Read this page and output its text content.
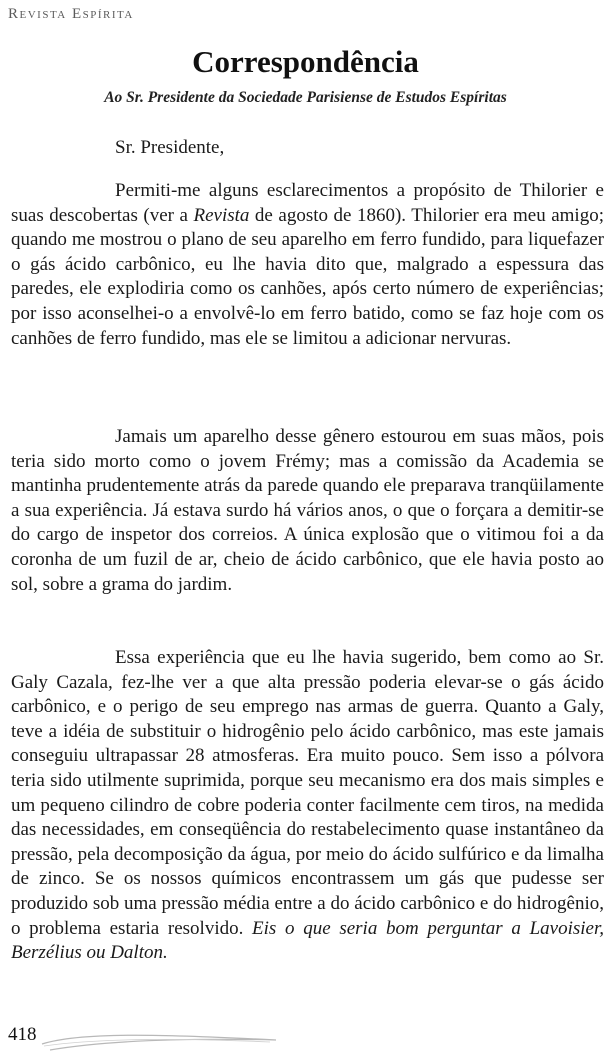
Revista Espírita
Correspondência
Ao Sr. Presidente da Sociedade Parisiense de Estudos Espíritas
Sr. Presidente,

Permiti-me alguns esclarecimentos a propósito de Thilorier e suas descobertas (ver a Revista de agosto de 1860). Thilorier era meu amigo; quando me mostrou o plano de seu aparelho em ferro fundido, para liquefazer o gás ácido carbônico, eu lhe havia dito que, malgrado a espessura das paredes, ele explodiria como os canhões, após certo número de experiências; por isso aconselhei-o a envolvê-lo em ferro batido, como se faz hoje com os canhões de ferro fundido, mas ele se limitou a adicionar nervuras.

Jamais um aparelho desse gênero estourou em suas mãos, pois teria sido morto como o jovem Frémy; mas a comissão da Academia se mantinha prudentemente atrás da parede quando ele preparava tranqüilamente a sua experiência. Já estava surdo há vários anos, o que o forçara a demitir-se do cargo de inspetor dos correios. A única explosão que o vitimou foi a da coronha de um fuzil de ar, cheio de ácido carbônico, que ele havia posto ao sol, sobre a grama do jardim.

Essa experiência que eu lhe havia sugerido, bem como ao Sr. Galy Cazala, fez-lhe ver a que alta pressão poderia elevar-se o gás ácido carbônico, e o perigo de seu emprego nas armas de guerra. Quanto a Galy, teve a idéia de substituir o hidrogênio pelo ácido carbônico, mas este jamais conseguiu ultrapassar 28 atmosferas. Era muito pouco. Sem isso a pólvora teria sido utilmente suprimida, porque seu mecanismo era dos mais simples e um pequeno cilindro de cobre poderia conter facilmente cem tiros, na medida das necessidades, em conseqüência do restabelecimento quase instantâneo da pressão, pela decomposição da água, por meio do ácido sulfúrico e da limalha de zinco. Se os nossos químicos encontrassem um gás que pudesse ser produzido sob uma pressão média entre a do ácido carbônico e do hidrogênio, o problema estaria resolvido. Eis o que seria bom perguntar a Lavoisier, Berzélius ou Dalton.

418
